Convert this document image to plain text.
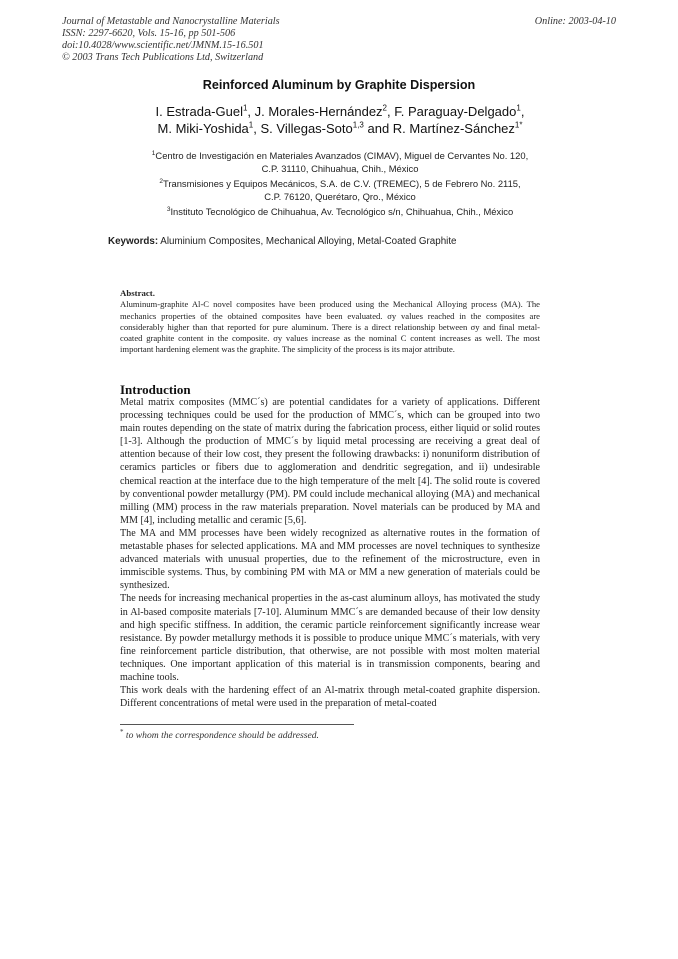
Journal of Metastable and Nanocrystalline Materials
ISSN: 2297-6620, Vols. 15-16, pp 501-506
doi:10.4028/www.scientific.net/JMNM.15-16.501
© 2003 Trans Tech Publications Ltd, Switzerland
Online: 2003-04-10
Reinforced Aluminum by Graphite Dispersion
I. Estrada-Guel$^1$, J. Morales-Hernández$^2$, F. Paraguay-Delgado$^1$,
M. Miki-Yoshida$^1$, S. Villegas-Soto$^{1,3}$ and R. Martínez-Sánchez$^{1*}$
$^1$Centro de Investigación en Materiales Avanzados (CIMAV), Miguel de Cervantes No. 120,
C.P. 31110, Chihuahua, Chih., México
$^2$Transmisiones y Equipos Mecánicos, S.A. de C.V. (TREMEC), 5 de Febrero No. 2115,
C.P. 76120, Querétaro, Qro., México
$^3$Instituto Tecnológico de Chihuahua, Av. Tecnológico s/n, Chihuahua, Chih., México
Keywords: Aluminium Composites, Mechanical Alloying, Metal-Coated Graphite
Abstract.
Aluminum-graphite Al-C novel composites have been produced using the Mechanical Alloying process (MA). The mechanics properties of the obtained composites have been evaluated. σy values reached in the composites are considerably higher than that reported for pure aluminum. There is a direct relationship between σy and final metal-coated graphite content in the composite. σy values increase as the nominal C content increases as well. The most important hardening element was the graphite. The simplicity of the process is its major attribute.
Introduction

Metal matrix composites (MMC´s) are potential candidates for a variety of applications. Different processing techniques could be used for the production of MMC´s, which can be grouped into two main routes depending on the state of matrix during the fabrication process, either liquid or solid routes [1-3]. Although the production of MMC´s by liquid metal processing are receiving a great deal of attention because of their low cost, they present the following drawbacks: i) nonuniform distribution of ceramics particles or fibers due to agglomeration and dendritic segregation, and ii) undesirable chemical reaction at the interface due to the high temperature of the melt [4]. The solid route is covered by conventional powder metallurgy (PM). PM could include mechanical alloying (MA) and mechanical milling (MM) process in the raw materials preparation. Novel materials can be produced by MA and MM [4], including metallic and ceramic [5,6].

The MA and MM processes have been widely recognized as alternative routes in the formation of metastable phases for selected applications. MA and MM processes are novel techniques to synthesize advanced materials with unusual properties, due to the refinement of the microstructure, even in immiscible systems. Thus, by combining PM with MA or MM a new generation of materials could be synthesized.

The needs for increasing mechanical properties in the as-cast aluminum alloys, has motivated the study in Al-based composite materials [7-10]. Aluminum MMC´s are demanded because of their low density and high specific stiffness. In addition, the ceramic particle reinforcement significantly increase wear resistance. By powder metallurgy methods it is possible to produce unique MMC´s materials, with very fine reinforcement particle distribution, that otherwise, are not possible with most molten material techniques. One important application of this material is in transmission components, bearing and machine tools.

This work deals with the hardening effect of an Al-matrix through metal-coated graphite dispersion. Different concentrations of metal were used in the preparation of metal-coated

* to whom the correspondence should be addressed.
